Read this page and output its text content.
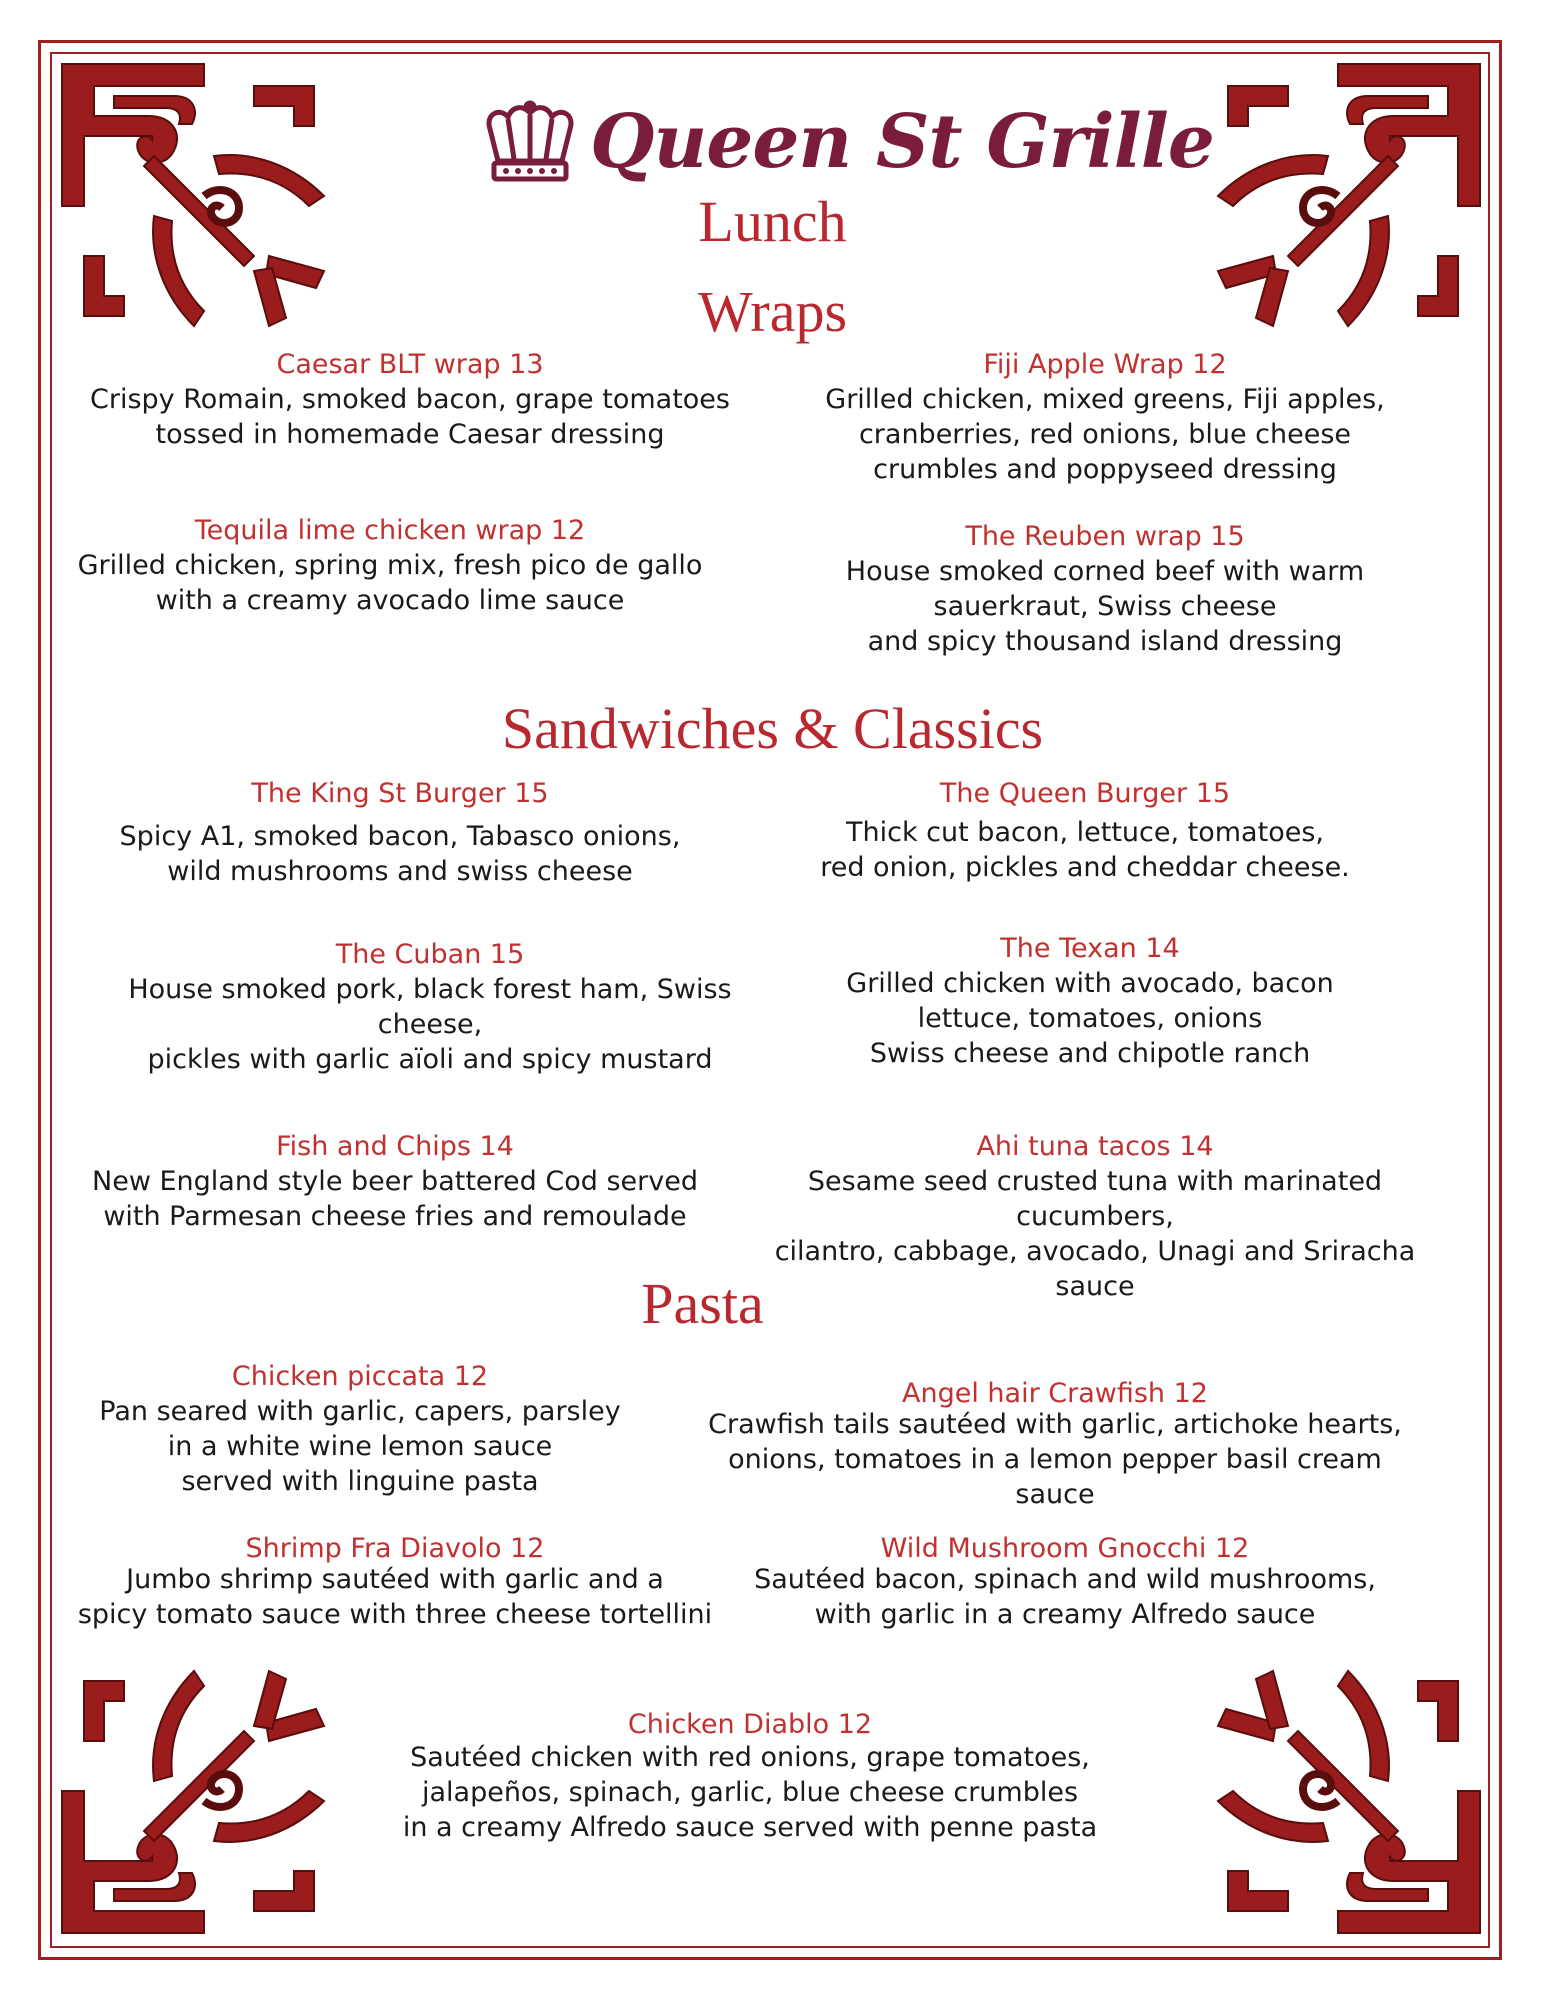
Queen St Grille
Lunch
Wraps
Caesar BLT wrap 13
Crispy Romain, smoked bacon, grape tomatoes
tossed in homemade Caesar dressing
Fiji Apple Wrap 12
Grilled chicken, mixed greens, Fiji apples,
cranberries, red onions, blue cheese
crumbles and poppyseed dressing
Tequila lime chicken wrap 12
Grilled chicken, spring mix, fresh pico de gallo
with a creamy avocado lime sauce
The Reuben wrap 15
House smoked corned beef with warm
sauerkraut, Swiss cheese
and spicy thousand island dressing
Sandwiches & Classics
The King St Burger 15
Spicy A1, smoked bacon, Tabasco onions,
wild mushrooms and swiss cheese
The Queen Burger 15
Thick cut bacon, lettuce, tomatoes,
red onion, pickles and cheddar cheese.
The Cuban 15
House smoked pork, black forest ham, Swiss cheese,
pickles with garlic aïoli and spicy mustard
The Texan 14
Grilled chicken with avocado, bacon
lettuce, tomatoes, onions
Swiss cheese and chipotle ranch
Fish and Chips 14
New England style beer battered Cod served
with Parmesan cheese fries and remoulade
Ahi tuna tacos 14
Sesame seed crusted tuna with marinated cucumbers,
cilantro, cabbage, avocado, Unagi and Sriracha sauce
Pasta
Chicken piccata 12
Pan seared with garlic, capers, parsley
in a white wine lemon sauce
served with linguine pasta
Angel hair Crawfish 12
Crawfish tails sautéed with garlic, artichoke hearts,
onions, tomatoes in a lemon pepper basil cream sauce
Shrimp Fra Diavolo 12
Jumbo shrimp sautéed with garlic and a
spicy tomato sauce with three cheese tortellini
Wild Mushroom Gnocchi 12
Sautéed bacon, spinach and wild mushrooms,
with garlic in a creamy Alfredo sauce
Chicken Diablo 12
Sautéed chicken with red onions, grape tomatoes,
jalapeños, spinach, garlic, blue cheese crumbles
in a creamy Alfredo sauce served with penne pasta
